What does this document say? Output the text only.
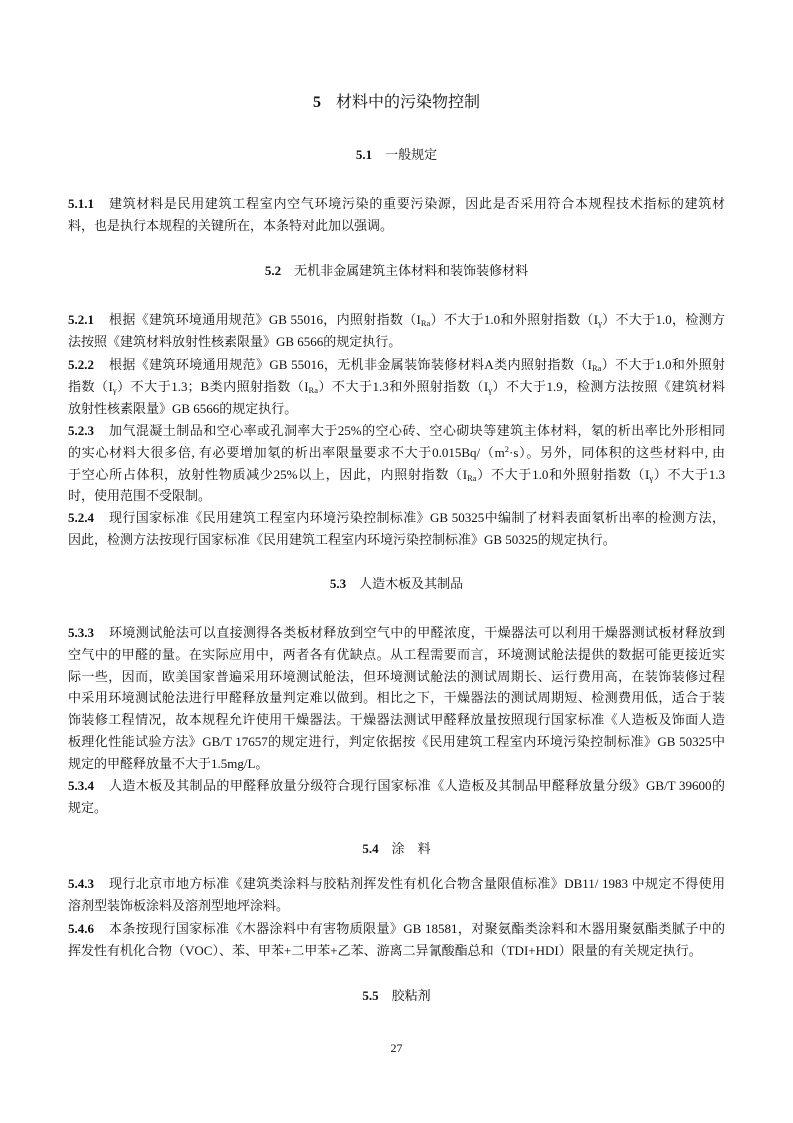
5 材料中的污染物控制
5.1 一般规定
5.1.1	建筑材料是民用建筑工程室内空气环境污染的重要污染源，因此是否采用符合本规程技术指标的建筑材
料，也是执行本规程的关键所在，本条特对此加以强调。
5.2 无机非金属建筑主体材料和装饰装修材料
5.2.1	根据《建筑环境通用规范》GB 55016，内照射指数$(I_{Ra})$不大于1.0和外照射指数$(I_\gamma)$不大于1.0，检测方
法按照《建筑材料放射性核素限量》GB 6566的规定执行。
5.2.2	根据《建筑环境通用规范》GB 55016，无机非金属装饰装修材料A类内照射指数$(I_{Ra})$不大于1.0和外照射
指数$(I_\gamma)$不大于1.3；B类内照射指数$(I_{Ra})$不大于1.3和外照射指数$(I_\gamma)$不大于1.9，检测方法按照《建筑材料
放射性核素限量》GB 6566的规定执行。
5.2.3	加气混凝土制品和空心率或孔洞率大于25%的空心砖、空心砌块等建筑主体材料，氡的析出率比外形相同
的实心材料大很多倍, 有必要增加氡的析出率限量要求不大于$0.015Bq/(m^2\cdot s)$。另外，同体积的这些材料中, 由
于空心所占体积，放射性物质减少25%以上，因此，内照射指数$(I_{Ra})$不大于1.0和外照射指数$(I_\gamma)$不大于1.3
时，使用范围不受限制。
5.2.4	现行国家标准《民用建筑工程室内环境污染控制标准》GB 50325中编制了材料表面氡析出率的检测方法，
因此，检测方法按现行国家标准《民用建筑工程室内环境污染控制标准》GB 50325的规定执行。
5.3 人造木板及其制品
5.3.3	环境测试舱法可以直接测得各类板材释放到空气中的甲醛浓度，干燥器法可以利用干燥器测试板材释放到
空气中的甲醛的量。在实际应用中，两者各有优缺点。从工程需要而言，环境测试舱法提供的数据可能更接近实
际一些，因而，欧美国家普遍采用环境测试舱法，但环境测试舱法的测试周期长、运行费用高，在装饰装修过程
中采用环境测试舱法进行甲醛释放量判定难以做到。相比之下，干燥器法的测试周期短、检测费用低，适合于装
饰装修工程情况，故本规程允许使用干燥器法。干燥器法测试甲醛释放量按照现行国家标准《人造板及饰面人造
板理化性能试验方法》GB/T 17657的规定进行，判定依据按《民用建筑工程室内环境污染控制标准》GB 50325中
规定的甲醛释放量不大于1.5mg/L。
5.3.4	人造木板及其制品的甲醛释放量分级符合现行国家标准《人造板及其制品甲醛释放量分级》GB/T 39600的
规定。
5.4 涂　料
5.4.3	现行北京市地方标准《建筑类涂料与胶粘剂挥发性有机化合物含量限值标准》DB11/ 1983 中规定不得使用
溶剂型装饰板涂料及溶剂型地坪涂料。
5.4.6	本条按现行国家标准《木器涂料中有害物质限量》GB 18581，对聚氨酯类涂料和木器用聚氨酯类腻子中的
挥发性有机化合物（VOC）、苯、甲苯+二甲苯+乙苯、游离二异氰酸酯总和（TDI+HDI）限量的有关规定执行。
5.5 胶粘剂
27
